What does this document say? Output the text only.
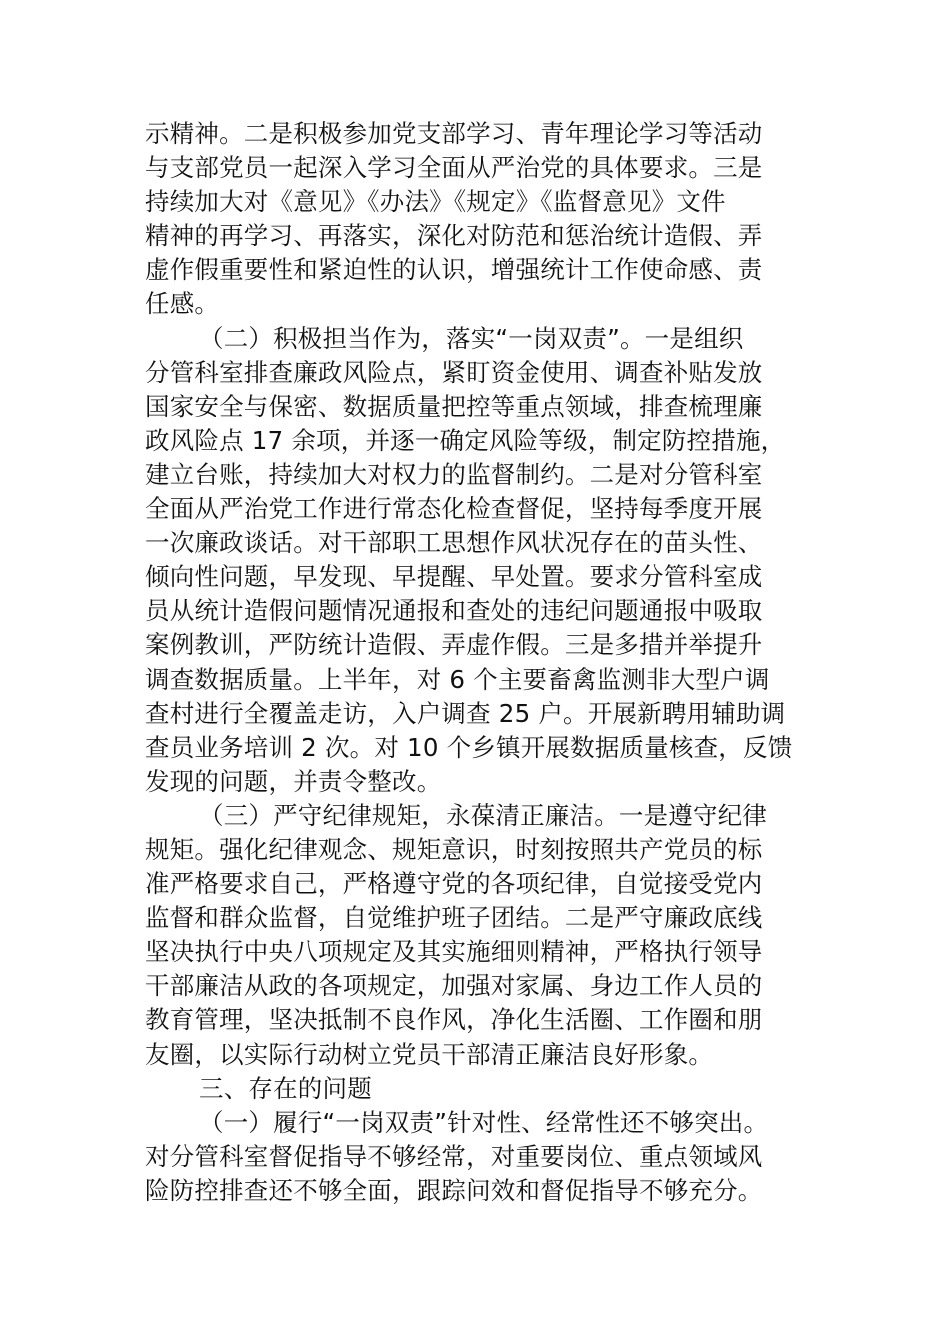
示精神。二是积极参加党支部学习、青年理论学习等活动
与支部党员一起深入学习全面从严治党的具体要求。三是
持续加大对《意见》《办法》《规定》《监督意见》文件
精神的再学习、再落实，深化对防范和惩治统计造假、弄
虚作假重要性和紧迫性的认识，增强统计工作使命感、责
任感。
（二）积极担当作为，落实“一岗双责”。一是组织
分管科室排查廉政风险点，紧盯资金使用、调查补贴发放
国家安全与保密、数据质量把控等重点领域，排查梳理廉
政风险点 17 余项，并逐一确定风险等级，制定防控措施，
建立台账，持续加大对权力的监督制约。二是对分管科室
全面从严治党工作进行常态化检查督促，坚持每季度开展
一次廉政谈话。对干部职工思想作风状况存在的苗头性、
倾向性问题，早发现、早提醒、早处置。要求分管科室成
员从统计造假问题情况通报和查处的违纪问题通报中吸取
案例教训，严防统计造假、弄虚作假。三是多措并举提升
调查数据质量。上半年，对 6 个主要畜禽监测非大型户调
查村进行全覆盖走访，入户调查 25 户。开展新聘用辅助调
查员业务培训 2 次。对 10 个乡镇开展数据质量核查，反馈
发现的问题，并责令整改。
（三）严守纪律规矩，永葆清正廉洁。一是遵守纪律
规矩。强化纪律观念、规矩意识，时刻按照共产党员的标
准严格要求自己，严格遵守党的各项纪律，自觉接受党内
监督和群众监督，自觉维护班子团结。二是严守廉政底线
坚决执行中央八项规定及其实施细则精神，严格执行领导
干部廉洁从政的各项规定，加强对家属、身边工作人员的
教育管理，坚决抵制不良作风，净化生活圈、工作圈和朋
友圈，以实际行动树立党员干部清正廉洁良好形象。
三、存在的问题
（一）履行“一岗双责”针对性、经常性还不够突出。
对分管科室督促指导不够经常，对重要岗位、重点领域风
险防控排查还不够全面，跟踪问效和督促指导不够充分。
